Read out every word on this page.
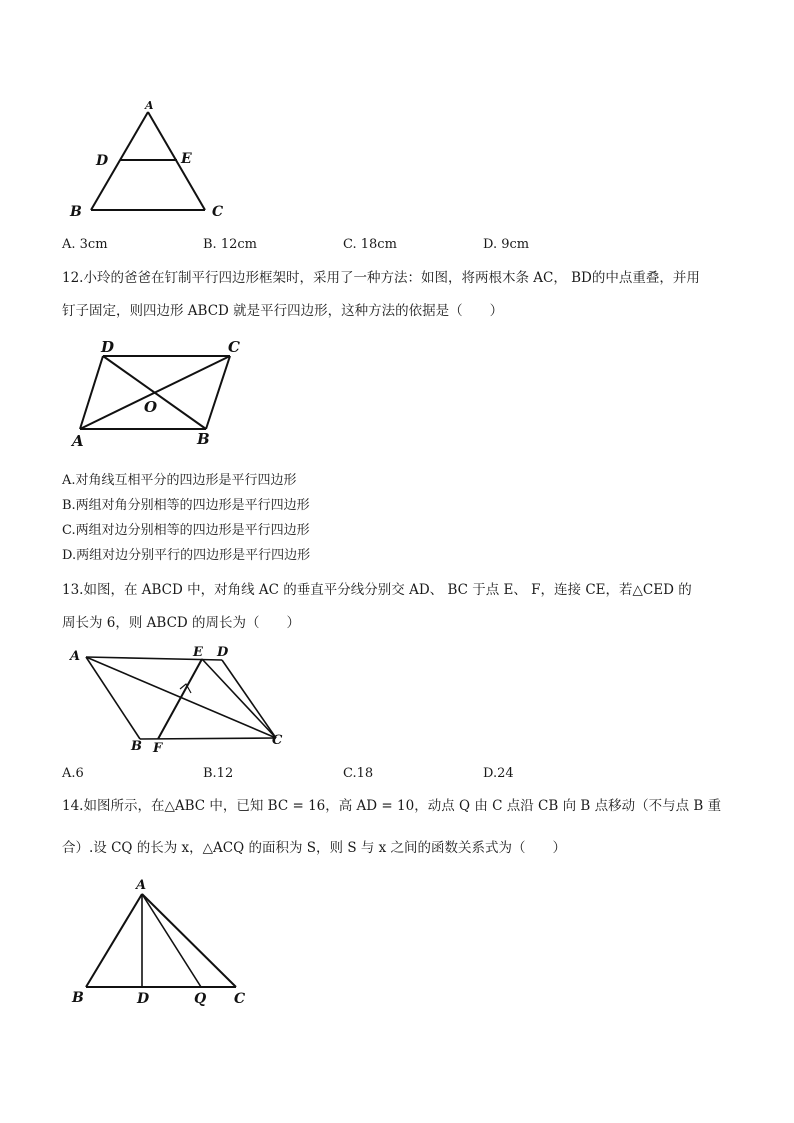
A
D	E
B	C
A. 3cm	B. 12cm	C. 18cm	D. 9cm
12.小玲的爸爸在钉制平行四边形框架时，采用了一种方法：如图，将两根木条 AC， BD的中点重叠，并用
钉子固定，则四边形 ABCD 就是平行四边形，这种方法的依据是（　　）
D	C
O
A	B
A.对角线互相平分的四边形是平行四边形
B.两组对角分别相等的四边形是平行四边形
C.两组对边分别相等的四边形是平行四边形
D.两组对边分别平行的四边形是平行四边形
13.如图，在 ABCD 中，对角线 AC 的垂直平分线分别交 AD、 BC 于点 E、 F，连接 CE，若△CED 的
周长为 6，则 ABCD 的周长为（　　）
A	E D
B F
C
A.6	B.12	C.18	D.24
14.如图所示，在△ABC 中，已知 BC = 16，高 AD = 10，动点 Q 由 C 点沿 CB 向 B 点移动（不与点 B 重
合）.设 CQ 的长为 x，△ACQ 的面积为 S，则 S 与 x 之间的函数关系式为（　　）
A
B	D	Q C
